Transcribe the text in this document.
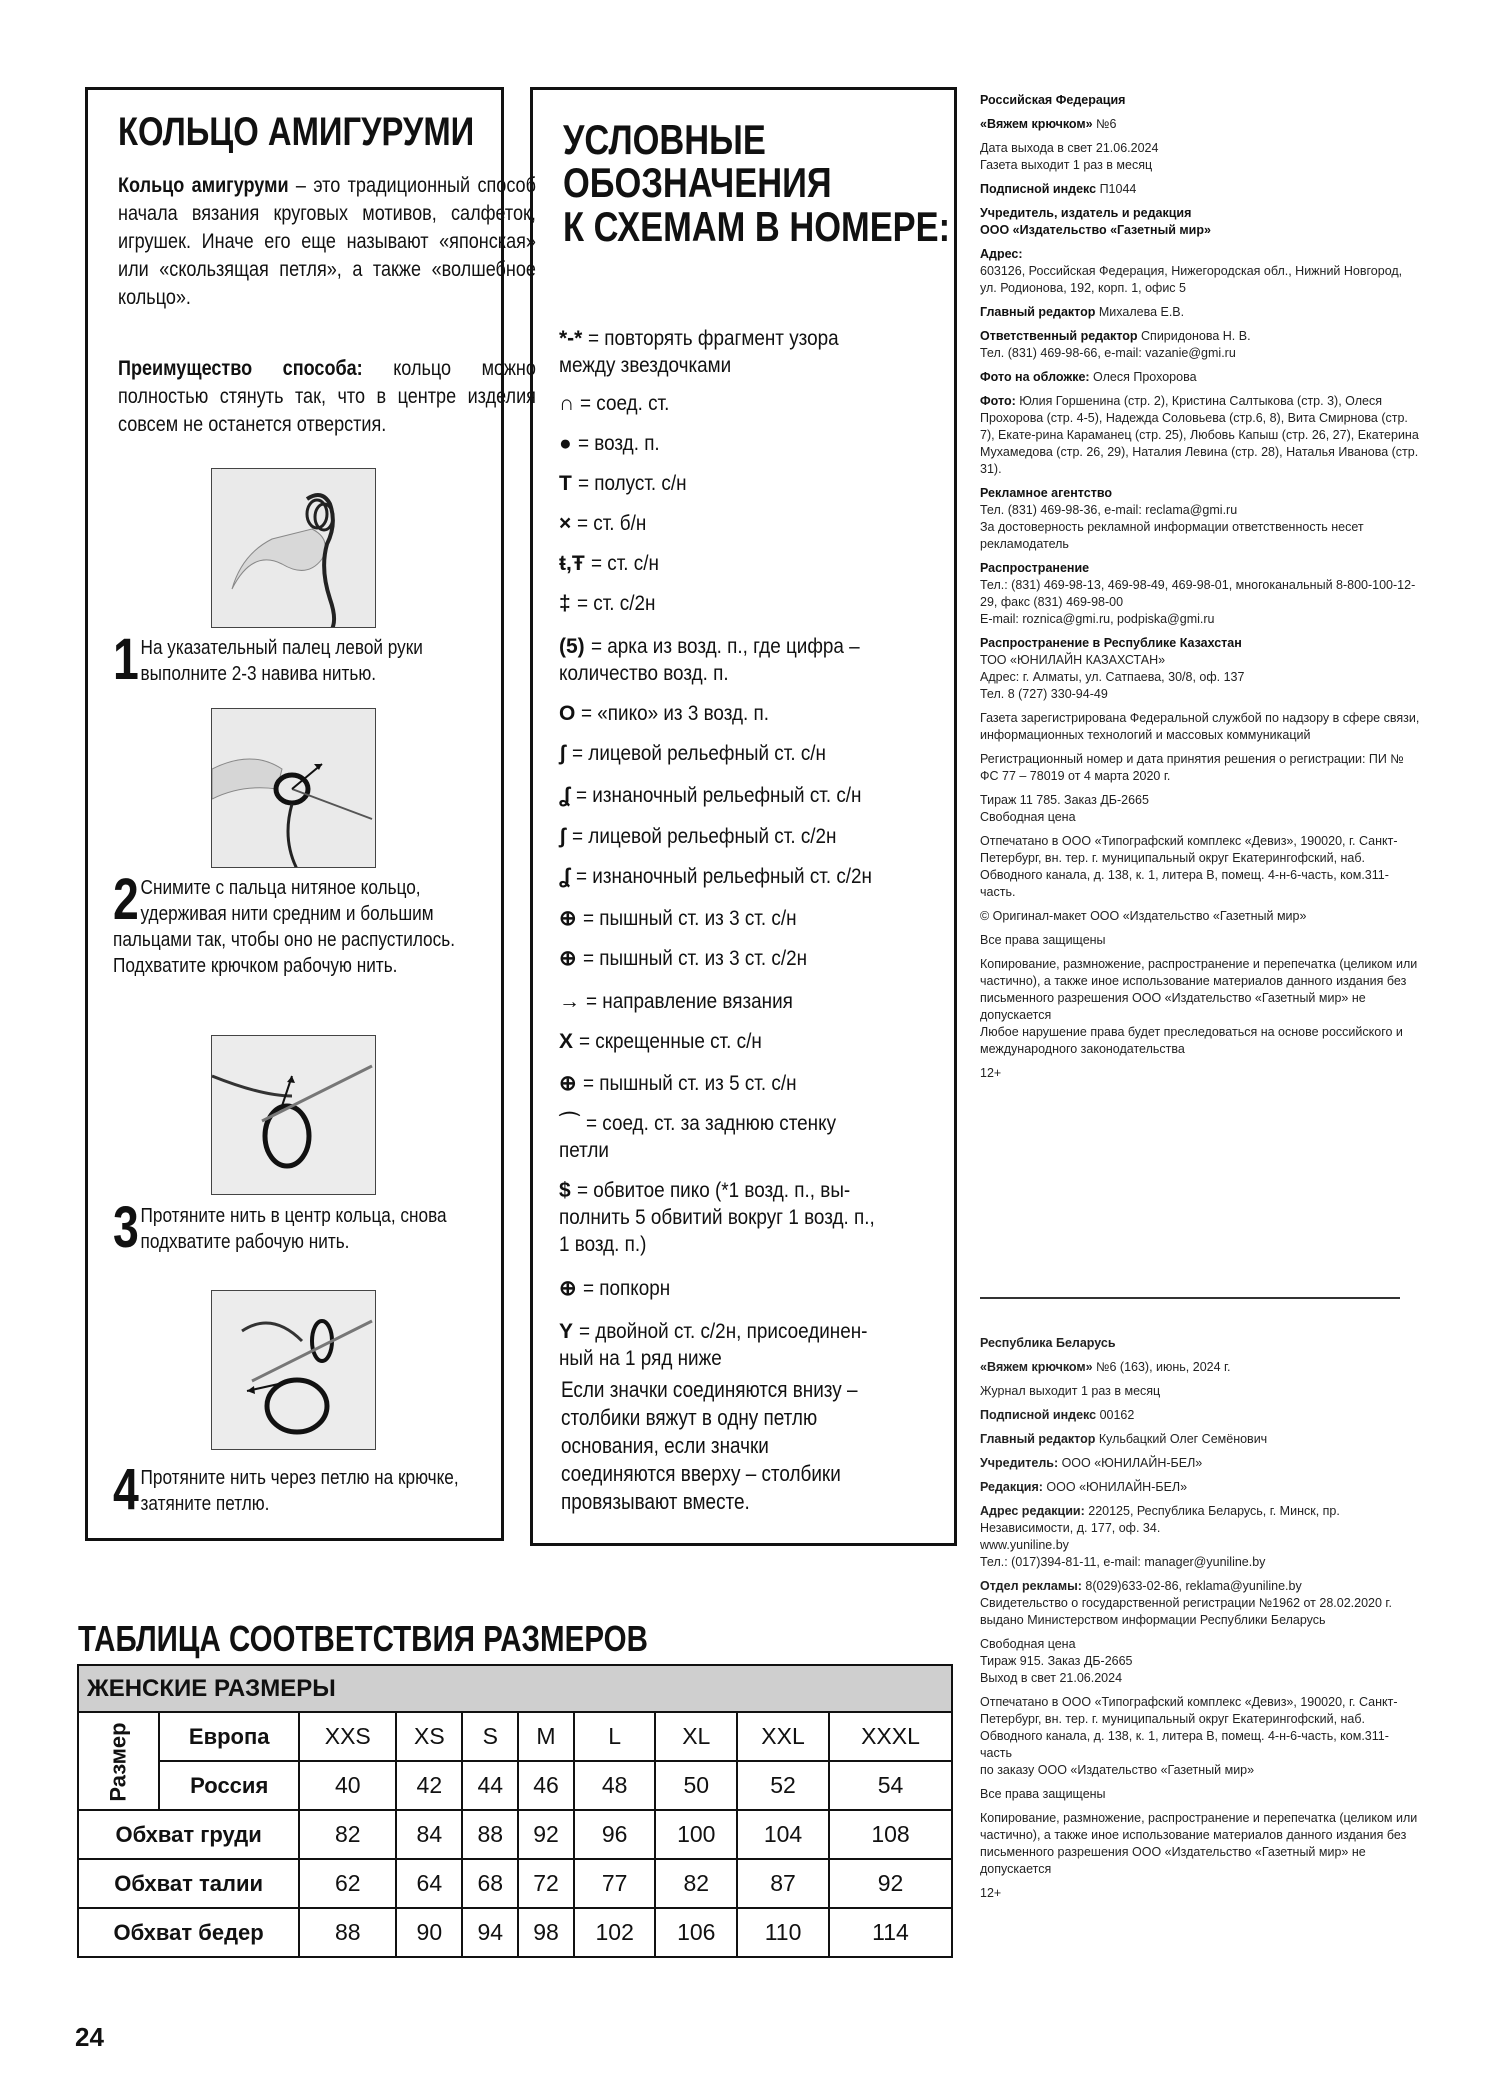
КОЛЬЦО АМИГУРУМИ
Кольцо амигуруми – это традиционный способ начала вязания круговых мотивов, салфеток, игрушек. Иначе его еще называют «японская» или «скользящая петля», а также «волшебное кольцо».
Преимущество способа: кольцо можно полностью стянуть так, что в центре изделия совсем не останется отверстия.
1 На указательный палец левой руки выполните 2-3 навива нитью.
2 Снимите с пальца нитяное кольцо, удерживая нити средним и большим пальцами так, чтобы оно не распустилось. Подхватите крючком рабочую нить.
3 Протяните нить в центр кольца, снова подхватите рабочую нить.
4 Протяните нить через петлю на крючке, затяните петлю.
УСЛОВНЫЕ
ОБОЗНАЧЕНИЯ
К СХЕМАМ В НОМЕРЕ:
*-* = повторять фрагмент узора
между звездочками
∩ = соед. ст.
● = возд. п.
T = полуст. с/н
× = ст. б/н
ŧ,Ŧ = ст. с/н
‡ = ст. с/2н
(5) = арка из возд. п., где цифра –
количество возд. п.
O = «пико» из 3 возд. п.
ʃ = лицевой рельефный ст. с/н
ʆ = изнаночный рельефный ст. с/н
ʃ = лицевой рельефный ст. с/2н
ʆ = изнаночный рельефный ст. с/2н
⊕ = пышный ст. из 3 ст. с/н
⊕ = пышный ст. из 3 ст. с/2н
→ = направление вязания
X = скрещенные ст. с/н
⊕ = пышный ст. из 5 ст. с/н
⌒ = соед. ст. за заднюю стенку
петли
$ = обвитое пико (*1 возд. п., вы-
полнить 5 обвитий вокруг 1 возд. п.,
1 возд. п.)
⊕ = попкорн
Y = двойной ст. с/2н, присоединен-
ный на 1 ряд ниже
Если значки соединяются внизу – столбики вяжут в одну петлю основания, если значки соединяются вверху – столбики провязывают вместе.

Российская Федерация

«Вяжем крючком» №6

Дата выхода в свет 21.06.2024
Газета выходит 1 раз в месяц

Подписной индекс П1044

Учредитель, издатель и редакция
ООО «Издательство «Газетный мир»

Адрес:
603126, Российская Федерация, Нижегородская обл., Нижний Новгород, ул. Родионова, 192, корп. 1, офис 5

Главный редактор Михалева Е.В.

Ответственный редактор Спиридонова Н. В.
Тел. (831) 469-98-66, e-mail: vazanie@gmi.ru

Фото на обложке: Олеся Прохорова

Фото: Юлия Горшенина (стр. 2), Кристина Салтыкова (стр. 3), Олеся Прохорова (стр. 4-5), Надежда Соловьева (стр.6, 8), Вита Смирнова (стр. 7), Екате-рина Караманец (стр. 25), Любовь Капыш (стр. 26, 27), Екатерина Мухамедова (стр. 26, 29), Наталия Левина (стр. 28), Наталья Иванова (стр. 31).

Рекламное агентство
Тел. (831) 469-98-36, e-mail: reclama@gmi.ru
За достоверность рекламной информации ответственность несет рекламодатель

Распространение
Тел.: (831) 469-98-13, 469-98-49, 469-98-01, многоканальный 8-800-100-12-29, факс (831) 469-98-00
E-mail: roznica@gmi.ru, podpiska@gmi.ru

Распространение в Республике Казахстан
ТОО «ЮНИЛАЙН КАЗАХСТАН»
Адрес: г. Алматы, ул. Сатпаева, 30/8, оф. 137
Тел. 8 (727) 330-94-49

Газета зарегистрирована Федеральной службой по надзору в сфере связи, информационных технологий и массовых коммуникаций

Регистрационный номер и дата принятия решения о регистрации: ПИ № ФС 77 – 78019 от 4 марта 2020 г.

Тираж 11 785. Заказ ДБ-2665
Свободная цена

Отпечатано в ООО «Типографский комплекс «Девиз», 190020, г. Санкт-Петербург, вн. тер. г. муниципальный округ Екатерингофский, наб. Обводного канала, д. 138, к. 1, литера В, помещ. 4-н-6-часть, ком.311-часть.

© Оригинал-макет ООО «Издательство «Газетный мир»

Все права защищены

Копирование, размножение, распространение и перепечатка (целиком или частично), а также иное использование материалов данного издания без письменного разрешения ООО «Издательство «Газетный мир» не допускается
Любое нарушение права будет преследоваться на основе российского и международного законодательства

12+

Республика Беларусь

«Вяжем крючком» №6 (163), июнь, 2024 г.

Журнал выходит 1 раз в месяц

Подписной индекс 00162

Главный редактор Кульбацкий Олег Семёнович

Учредитель: ООО «ЮНИЛАЙН-БЕЛ»

Редакция: ООО «ЮНИЛАЙН-БЕЛ»

Адрес редакции: 220125, Республика Беларусь, г. Минск, пр. Независимости, д. 177, оф. 34.
www.yuniline.by
Тел.: (017)394-81-11, e-mail: manager@yuniline.by

Отдел рекламы: 8(029)633-02-86, reklama@yuniline.by
Свидетельство о государственной регистрации №1962 от 28.02.2020 г. выдано Министерством информации Республики Беларусь

Свободная цена
Тираж 915. Заказ ДБ-2665
Выход в свет 21.06.2024

Отпечатано в ООО «Типографский комплекс «Девиз», 190020, г. Санкт-Петербург, вн. тер. г. муниципальный округ Екатерингофский, наб. Обводного канала, д. 138, к. 1, литера В, помещ. 4-н-6-часть, ком.311-часть
по заказу ООО «Издательство «Газетный мир»

Все права защищены

Копирование, размножение, распространение и перепечатка (целиком или частично), а также иное использование материалов данного издания без письменного разрешения ООО «Издательство «Газетный мир» не допускается

12+

ТАБЛИЦА СООТВЕТСТВИЯ РАЗМЕРОВ
ЖЕНСКИЕ РАЗМЕРЫ									
Размер	Европа	XXS	XS	S	M	L	XL	XXL	XXXL
	Россия	40	42	44	46	48	50	52	54
Обхват груди		82	84	88	92	96	100	104	108
Обхват талии		62	64	68	72	77	82	87	92
Обхват бедер		88	90	94	98	102	106	110	114
24
